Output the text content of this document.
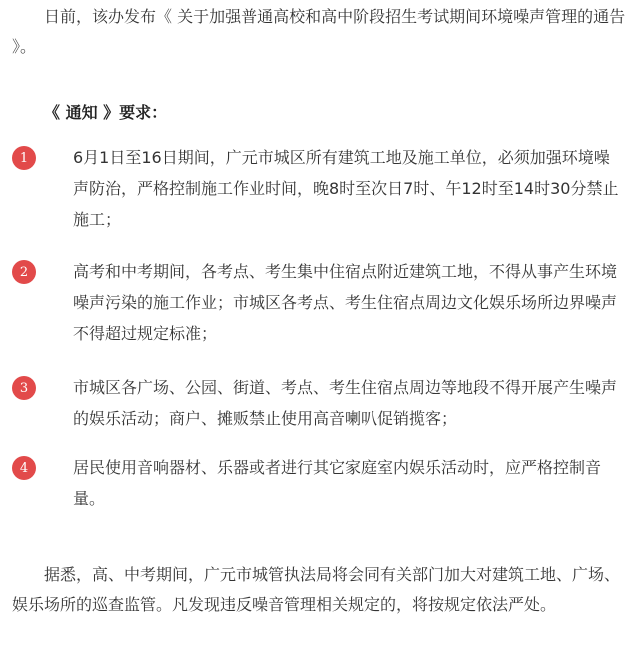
日前，该办发布《 关于加强普通高校和高中阶段招生考试期间环境噪声管理的通告 》。

《 通知 》要求：

1	6月1日至16日期间，广元市城区所有建筑工地及施工单位，必须加强环境噪声防治，严格控制施工作业时间，晚8时至次日7时、午12时至14时30分禁止施工；

2	高考和中考期间，各考点、考生集中住宿点附近建筑工地，不得从事产生环境噪声污染的施工作业；市城区各考点、考生住宿点周边文化娱乐场所边界噪声不得超过规定标准；

3	市城区各广场、公园、街道、考点、考生住宿点周边等地段不得开展产生噪声的娱乐活动；商户、摊贩禁止使用高音喇叭促销揽客；

4	居民使用音响器材、乐器或者进行其它家庭室内娱乐活动时，应严格控制音量。

据悉，高、中考期间，广元市城管执法局将会同有关部门加大对建筑工地、广场、娱乐场所的巡查监管。凡发现违反噪音管理相关规定的，将按规定依法严处。
